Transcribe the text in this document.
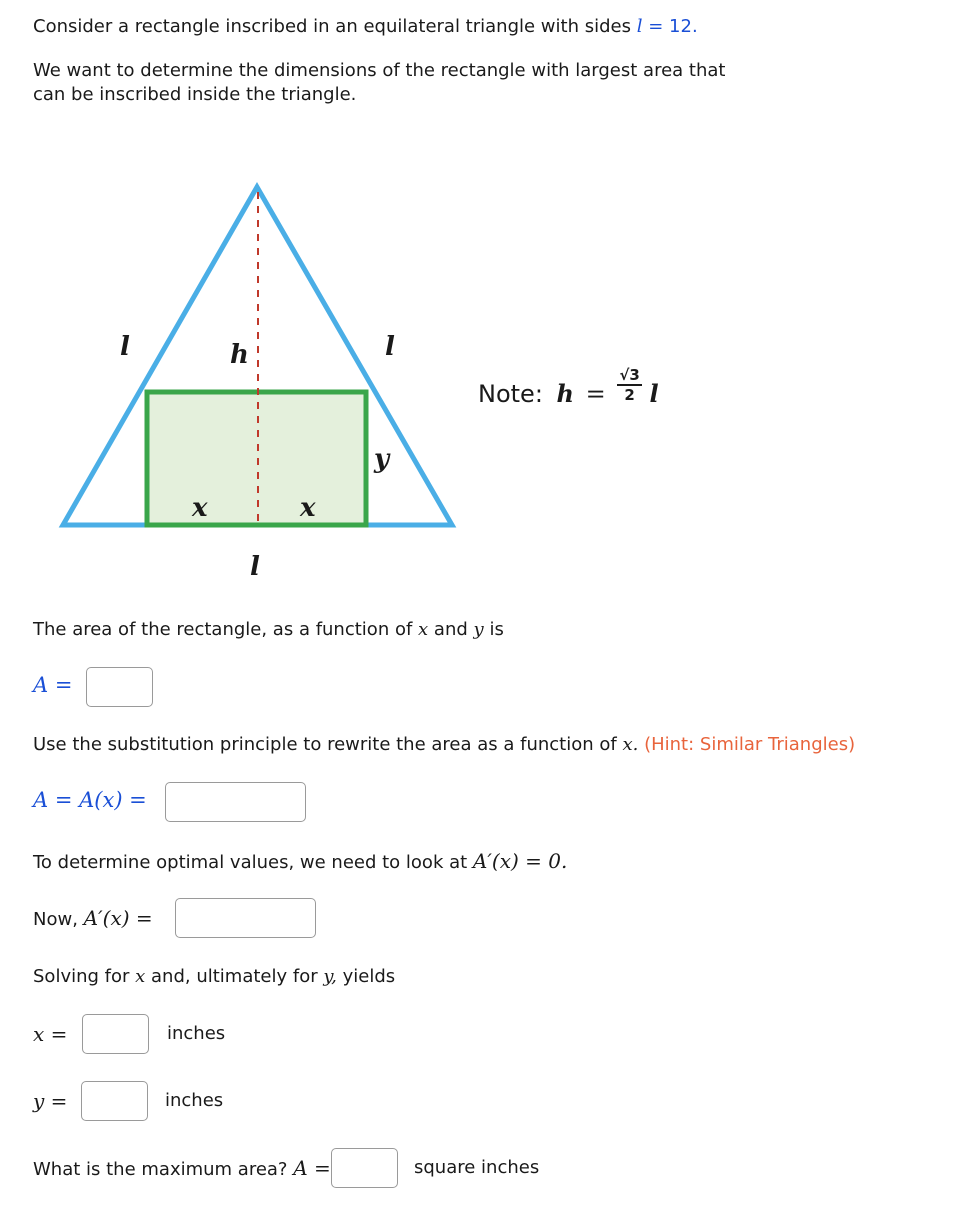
Consider a rectangle inscribed in an equilateral triangle with sides l = 12.
We want to determine the dimensions of the rectangle with largest area that
can be inscribed inside the triangle.
l	l
h
y
x	x
l
Note: $h = \frac{√3}{2}$ l
The area of the rectangle, as a function of x and y is
A =
Use the substitution principle to rewrite the area as a function of x. (Hint: Similar Triangles)
A = A(x) =
To determine optimal values, we need to look at A′(x) = 0.
Now, A′(x) =
Solving for x and, ultimately for y, yields
x =	inches
y =	inches
What is the maximum area? A =	square inches
